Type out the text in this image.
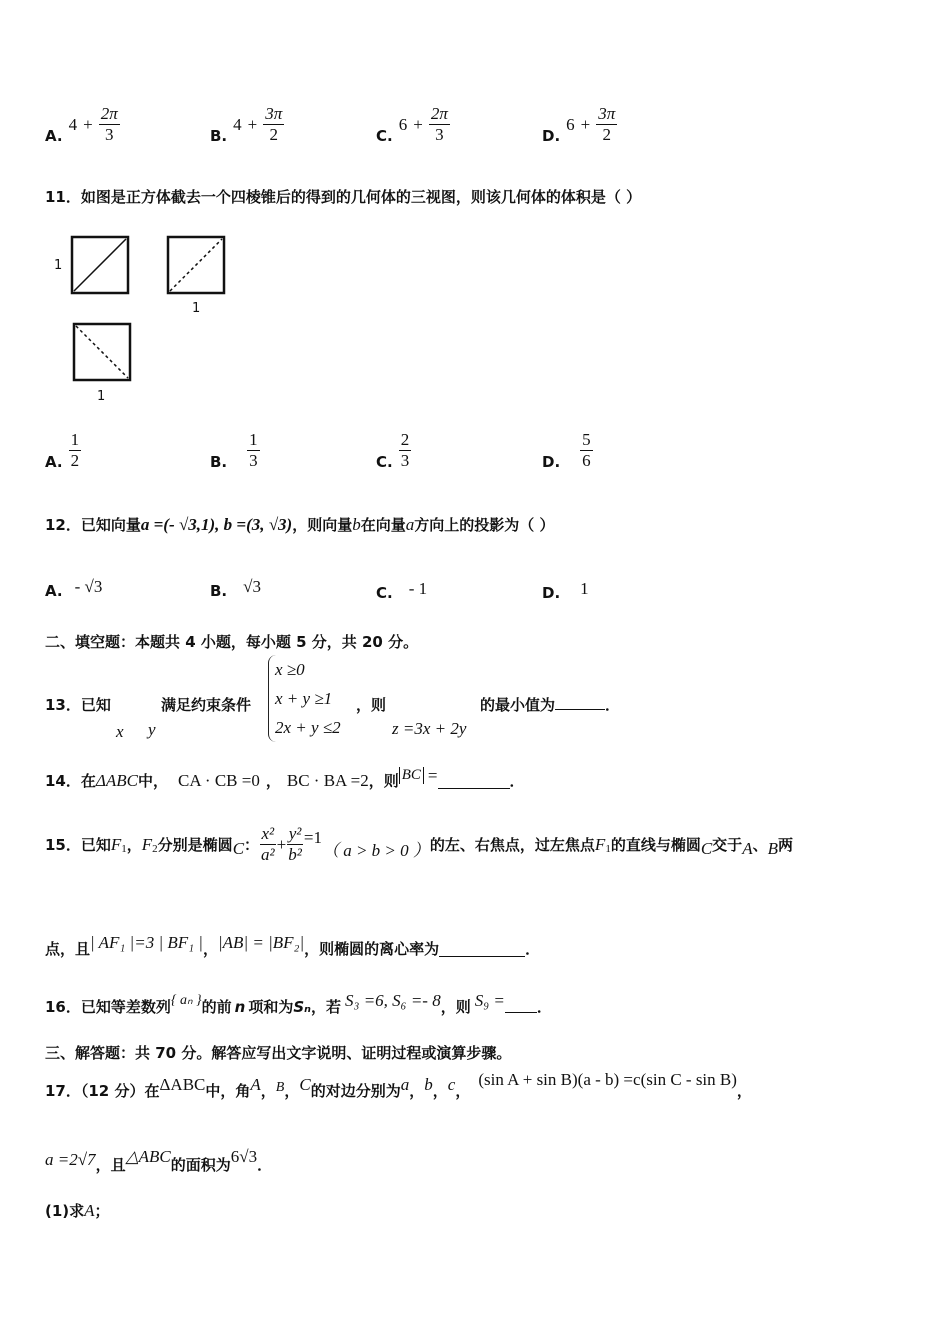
A.
$4 + \frac{2\pi}{3}$	B.
$4 + \frac{3\pi}{2}$	C.
$6 + \frac{2\pi}{3}$	D.
$6 + \frac{3\pi}{2}$
11．如图是正方体截去一个四棱锥后的得到的几何体的三视图，则该几何体的体积是（ ）
1
1
1
A. $\frac{1}{2}$	B. $\frac{1}{3}$	C. $\frac{2}{3}$	D. $\frac{5}{6}$
12．已知向量a =(- √3,1), b =(3, √3)，则向量b在向量a方向上的投影为（ ）
A. - √3	B. √3	C. - 1	D. 1
二、填空题：本题共 4 小题，每小题 5 分，共 20 分。
13．已知	满足约束条件
x y
x ≥0
x + y ≥1
2x + y ≤2
，则
z =3x + 2y
的最小值为	．
14．在 ΔABC 中， CA · CB =0 ， BC · BA =2 ，则 BC =	．
15．已知 F 1 ， F 2 分别是椭圆 C ： $\frac{\text{x²}}{\text{a²}} + \frac{\text{y²}}{\text{b²}} =1$
（ a > b > 0 ） 的左、右焦点，过左焦点 F 1 的直线与椭圆 C 交于 A 、 B 两
点，且 | AF₁ |=3 | BF₁ | ， |AB| = |BF₂| ，则椭圆的离心率为	．
16．已知等差数列 { aₙ } 的前 n 项和为 Sₙ ，若 S₃ =6, S₆ =- 8 ，则 S₉ = ．
三、解答题：共 70 分。解答应写出文字说明、证明过程或演算步骤。
17．（12 分）在 ΔABC 中，角 A ， B ， C 的对边分别为 a ， b ， c ，
(sin A + sin B)(a - b) =c(sin C - sin B)
，
a =2√7 ，且 △ABC 的面积为 6√3 ．
(1)求 A ；
